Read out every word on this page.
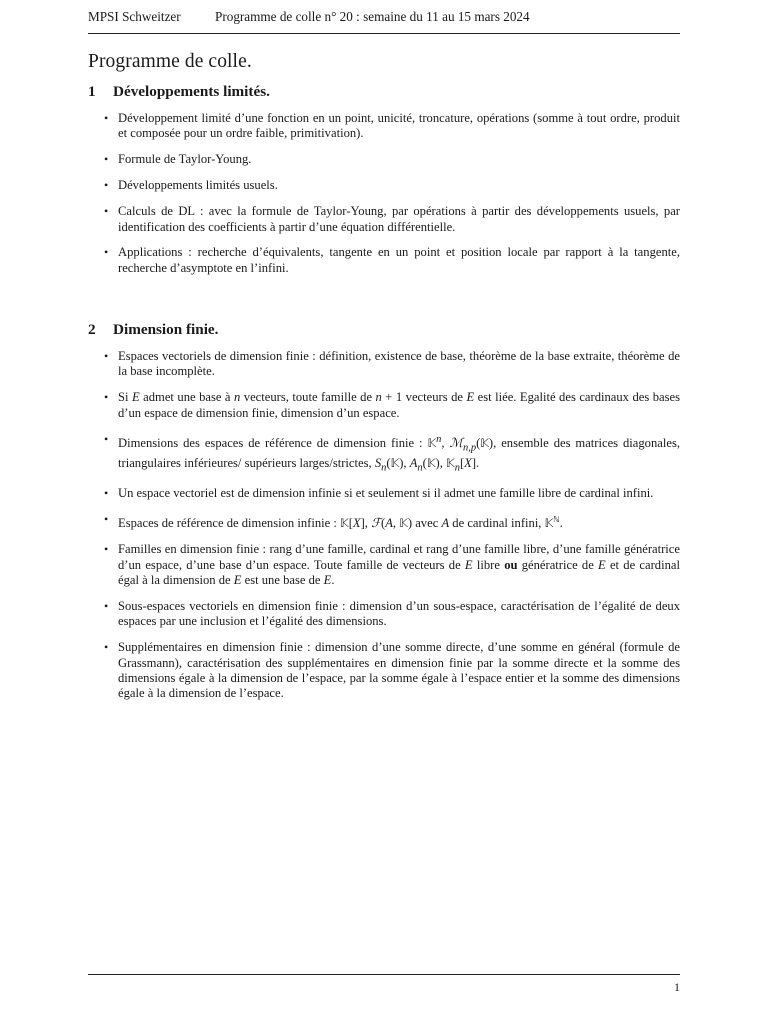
MPSI Schweitzer	Programme de colle n° 20 : semaine du 11 au 15 mars 2024
Programme de colle.
1 Développements limités.
• Développement limité d’une fonction en un point, unicité, troncature, opérations (somme à tout ordre, produit et composée pour un ordre faible, primitivation).
• Formule de Taylor-Young.
• Développements limités usuels.
• Calculs de DL : avec la formule de Taylor-Young, par opérations à partir des développements usuels, par identification des coefficients à partir d’une équation différentielle.
• Applications : recherche d’équivalents, tangente en un point et position locale par rapport à la tangente, recherche d’asymptote en l’infini.
2 Dimension finie.
• Espaces vectoriels de dimension finie : définition, existence de base, théorème de la base extraite, théorème de la base incomplète.
• Si E admet une base à n vecteurs, toute famille de n + 1 vecteurs de E est liée. Egalité des cardinaux des bases d’un espace de dimension finie, dimension d’un espace.
• Dimensions des espaces de référence de dimension finie : 𝕂$^n$, ℳ$_{n,p}$(𝕂), ensemble des matrices diagonales, triangulaires inférieures/ supérieurs larges/strictes, $S_n(𝕂)$, $A_n(𝕂)$, 𝕂$_n$[X].
• Un espace vectoriel est de dimension infinie si et seulement si il admet une famille libre de cardinal infini.
• Espaces de référence de dimension infinie : 𝕂[X], ℱ(A, 𝕂) avec A de cardinal infini, 𝕂$^ℕ$.
• Familles en dimension finie : rang d’une famille, cardinal et rang d’une famille libre, d’une famille génératrice d’un espace, d’une base d’un espace. Toute famille de vecteurs de E libre ou génératrice de E et de cardinal égal à la dimension de E est une base de E.
• Sous-espaces vectoriels en dimension finie : dimension d’un sous-espace, caractérisation de l’égalité de deux espaces par une inclusion et l’égalité des dimensions.
• Supplémentaires en dimension finie : dimension d’une somme directe, d’une somme en général (formule de Grassmann), caractérisation des supplémentaires en dimension finie par la somme directe et la somme des dimensions égale à la dimension de l’espace, par la somme égale à l’espace entier et la somme des dimensions égale à la dimension de l’espace.
1
